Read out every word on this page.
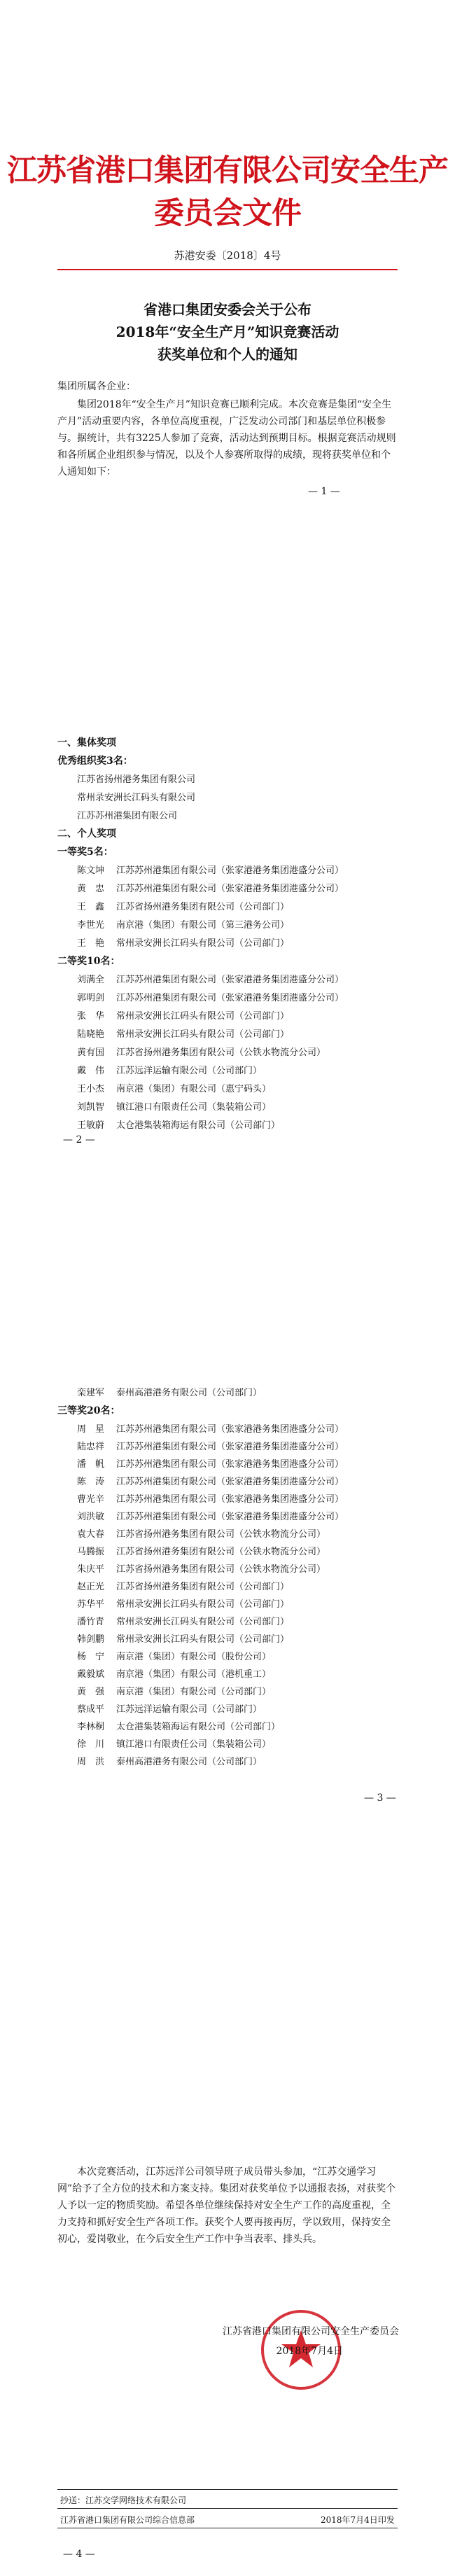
江苏省港口集团有限公司安全生产委员会文件
苏港安委〔2018〕4号
省港口集团安委会关于公布
2018年“安全生产月”知识竞赛活动
获奖单位和个人的通知
集团所属各企业：
集团2018年“安全生产月”知识竞赛已顺利完成。本次竞赛是集团“安全生产月”活动重要内容，各单位高度重视，广泛发动公司部门和基层单位积极参与。据统计，共有3225人参加了竞赛，活动达到预期目标。根据竞赛活动规则和各所属企业组织参与情况，以及个人参赛所取得的成绩，现将获奖单位和个人通知如下：
— 1 —
一、集体奖项
优秀组织奖3名：
江苏省扬州港务集团有限公司
常州录安洲长江码头有限公司
江苏苏州港集团有限公司
二、个人奖项
一等奖5名：
陈文坤 江苏苏州港集团有限公司（张家港港务集团港盛分公司）
黄　忠 江苏苏州港集团有限公司（张家港港务集团港盛分公司）
王　鑫 江苏省扬州港务集团有限公司（公司部门）
李世光 南京港（集团）有限公司（第三港务公司）
王　艳 常州录安洲长江码头有限公司（公司部门）
二等奖10名：
刘满全 江苏苏州港集团有限公司（张家港港务集团港盛分公司）
郭明剑 江苏苏州港集团有限公司（张家港港务集团港盛分公司）
张　华 常州录安洲长江码头有限公司（公司部门）
陆晓艳 常州录安洲长江码头有限公司（公司部门）
黄有国 江苏省扬州港务集团有限公司（公铁水物流分公司）
戴　伟 江苏远洋运输有限公司（公司部门）
王小杰 南京港（集团）有限公司（惠宁码头）
刘凯智 镇江港口有限责任公司（集装箱公司）
王敏蔚 太仓港集装箱海运有限公司（公司部门）
栾建军 泰州高港港务有限公司（公司部门）
— 2 —
三等奖20名：
周　星 江苏苏州港集团有限公司（张家港港务集团港盛分公司）
陆忠祥 江苏苏州港集团有限公司（张家港港务集团港盛分公司）
潘　帆 江苏苏州港集团有限公司（张家港港务集团港盛分公司）
陈　涛 江苏苏州港集团有限公司（张家港港务集团港盛分公司）
曹光辛 江苏苏州港集团有限公司（张家港港务集团港盛分公司）
刘洪敏 江苏苏州港集团有限公司（张家港港务集团港盛分公司）
袁大春 江苏省扬州港务集团有限公司（公铁水物流分公司）
马腾振 江苏省扬州港务集团有限公司（公铁水物流分公司）
朱庆平 江苏省扬州港务集团有限公司（公铁水物流分公司）
赵正光 江苏省扬州港务集团有限公司（公司部门）
苏华平 常州录安洲长江码头有限公司（公司部门）
潘竹青 常州录安洲长江码头有限公司（公司部门）
韩剑鹏 常州录安洲长江码头有限公司（公司部门）
杨　宁 南京港（集团）有限公司（股份公司）
戴毅斌 南京港（集团）有限公司（港机重工）
黄　强 南京港（集团）有限公司（公司部门）
蔡成平 江苏远洋运输有限公司（公司部门）
李林桐 太仓港集装箱海运有限公司（公司部门）
徐　川 镇江港口有限责任公司（集装箱公司）
周　洪 泰州高港港务有限公司（公司部门）
— 3 —
本次竞赛活动，江苏远洋公司领导班子成员带头参加，“江苏交通学习网”给予了全方位的技术和方案支持。集团对获奖单位予以通报表扬，对获奖个人予以一定的物质奖励。希望各单位继续保持对安全生产工作的高度重视，全力支持和抓好安全生产各项工作。获奖个人要再接再厉，学以致用，保持安全初心，爱岗敬业，在今后安全生产工作中争当表率、排头兵。
江苏省港口集团有限公司安全生产委员会
2018年7月4日
抄送：江苏交学网络技术有限公司
江苏省港口集团有限公司综合信息部	2018年7月4日印发
— 4 —
